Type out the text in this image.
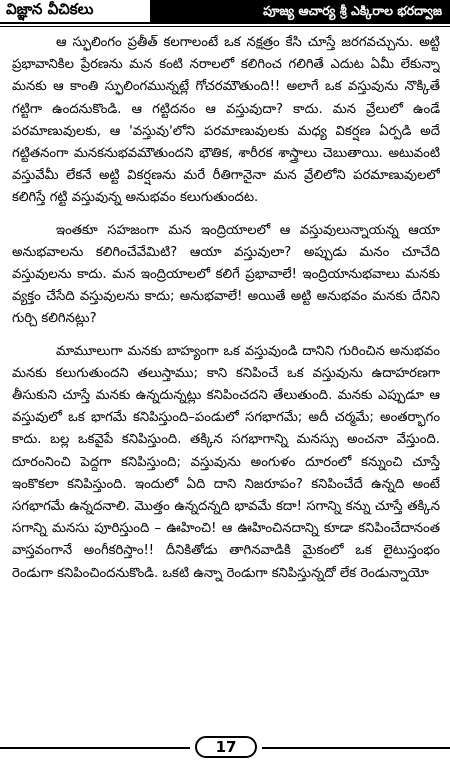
విజ్ఞాన వీచికలు	పూజ్య ఆచార్య శ్రీ ఎక్కిరాల భరద్వాజ

ఆ స్ఫులింగం ప్రతీత్ కలగాలంటే ఒక నక్షత్రం కేసి చూస్తే జరగవచ్చును. అట్టి ప్రభావానికిల ప్రేరణను మన కంటి నరాలలో కలిగించ గలిగితే ఎదుట ఏమీ లేకున్నా మనకు ఆ కాంతి స్ఫులింగమున్నట్లే గోచరమౌతుంది!! అలాగే ఒక వస్తువును నొక్కితే గట్టిగా ఉందనుకొండి. ఆ గట్టిదనం ఆ వస్తువుదా? కాదు. మన వ్రేలులో ఉండే పరమాణువులకు, ఆ 'వస్తువు'లోని పరమాణువులకు మధ్య వికర్షణ ఏర్పడి అదే గట్టితనంగా మనకనుభవమౌతుందని భౌతిక, శారీరక శాస్త్రాలు చెబుతాయి. అటువంటి వస్తువేమీ లేకనే అట్టి వికర్షణను మరే రీతిగానైనా మన వ్రేలిలోని పరమాణువులలో కలిగిస్తే గట్టి వస్తువున్న అనుభవం కలుగుతుందట.

ఇంతకూ సహజంగా మన ఇంద్రియాలలో ఆ వస్తువులున్నాయన్న ఆయా అనుభవాలను కలిగించేవేమిటి? ఆయా వస్తువులా? అప్పుడు మనం చూచేది వస్తువులను కాదు. మన ఇంద్రియాలలో కలిగే ప్రభావాలే! ఇంద్రియానుభవాలు మనకు వ్యక్తం చేసేది వస్తువులను కాదు; అనుభవాలే! అయితే అట్టి అనుభవం మనకు దేనిని గుర్చి కలిగినట్లు?

మామూలుగా మనకు బాహ్యంగా ఒక వస్తువుండి దానిని గురించిన అనుభవం మనకు కలుగుతుందని తలుస్తాము; కాని కనిపించే ఒక వస్తువును ఉదాహరణగా తీసుకుని చూస్తే మనకు ఉన్నదున్నట్లు కనిపించదని తేలుతుంది. మనకు ఎప్పుడూ ఆ వస్తువులో ఒక భాగమే కనిపిస్తుంది–పండులో సగభాగమే; అదీ చర్మమే; అంతర్భాగం కాదు. బల్ల ఒకవైపే కనిపిస్తుంది. తక్కిన సగభాగాన్ని మనస్సు అంచనా వేస్తుంది. దూరంనించి పెద్దగా కనిపిస్తుంది; వస్తువును అంగుళం దూరంలో కన్నుంచి చూస్తే ఇంకొకలా కనిపిస్తుంది. ఇందులో ఏది దాని నిజరూపం? కనిపించేదే ఉన్నది అంటే సగభాగమే ఉన్నదనాలి. మొత్తం ఉన్నదన్నది భావమే కదా! సగాన్ని కన్ను చూస్తే తక్కిన సగాన్ని మనసు పూరిస్తుంది – ఊహించి! ఆ ఊహించినదాన్ని కూడా కనిపించేదానంత వాస్తవంగానే అంగీకరిస్తాం!! దీనికితోడు తాగినవాడికి మైకంలో ఒక లైటుస్తంభం రెండుగా కనిపించిందనుకొండి. ఒకటి ఉన్నా రెండుగా కనిపిస్తున్నదో లేక రెండున్నాయో

17
